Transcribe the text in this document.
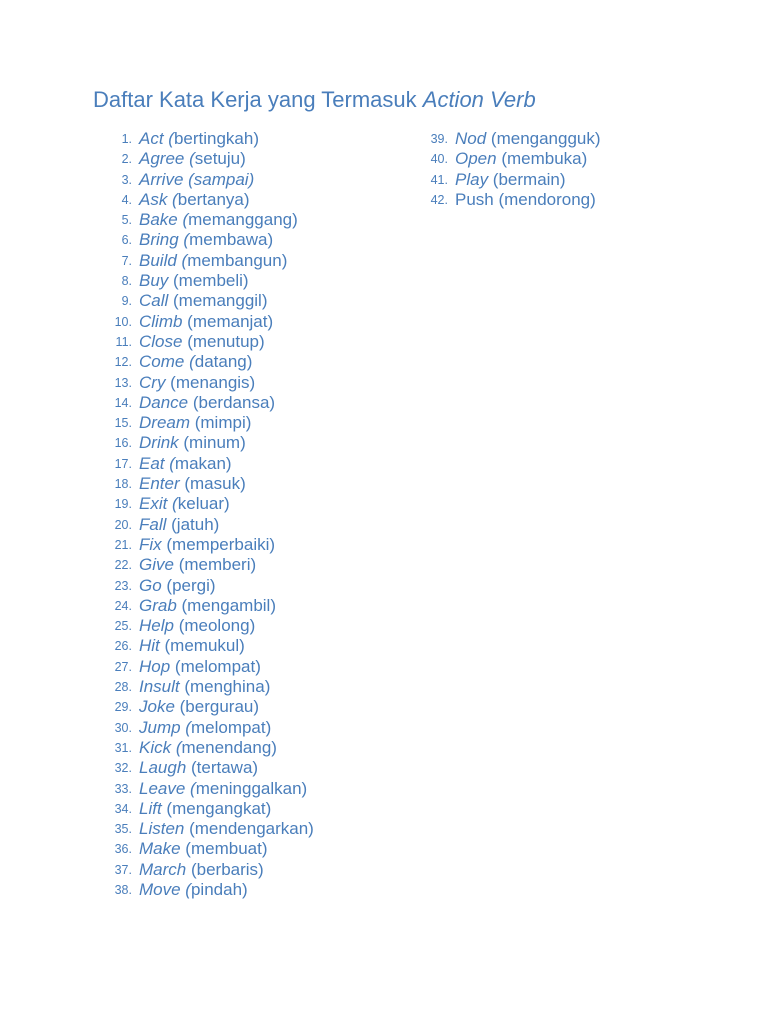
Daftar Kata Kerja yang Termasuk Action Verb
1. Act ( bertingkah)
2. Agree ( setuju)
3. Arrive (sampai)
4. Ask ( bertanya)
5. Bake ( memanggang)
6. Bring ( membawa)
7. Build ( membangun)
8. Buy (membeli)
9. Call (memanggil)
10. Climb (memanjat)
11. Close (menutup)
12. Come ( datang)
13. Cry (menangis)
14. Dance (berdansa)
15. Dream (mimpi)
16. Drink (minum)
17. Eat ( makan)
18. Enter (masuk)
19. Exit ( keluar)
20. Fall (jatuh)
21. Fix (memperbaiki)
22. Give (memberi)
23. Go (pergi)
24. Grab (mengambil)
25. Help (meolong)
26. Hit (memukul)
27. Hop (melompat)
28. Insult (menghina)
29. Joke (bergurau)
30. Jump ( melompat)
31. Kick ( menendang)
32. Laugh (tertawa)
33. Leave ( meninggalkan)
34. Lift (mengangkat)
35. Listen (mendengarkan)
36. Make (membuat)
37. March (berbaris)
38. Move ( pindah)
39. Nod (mengangguk)
40. Open (membuka)
41. Play (bermain)
42. Push (mendorong)
